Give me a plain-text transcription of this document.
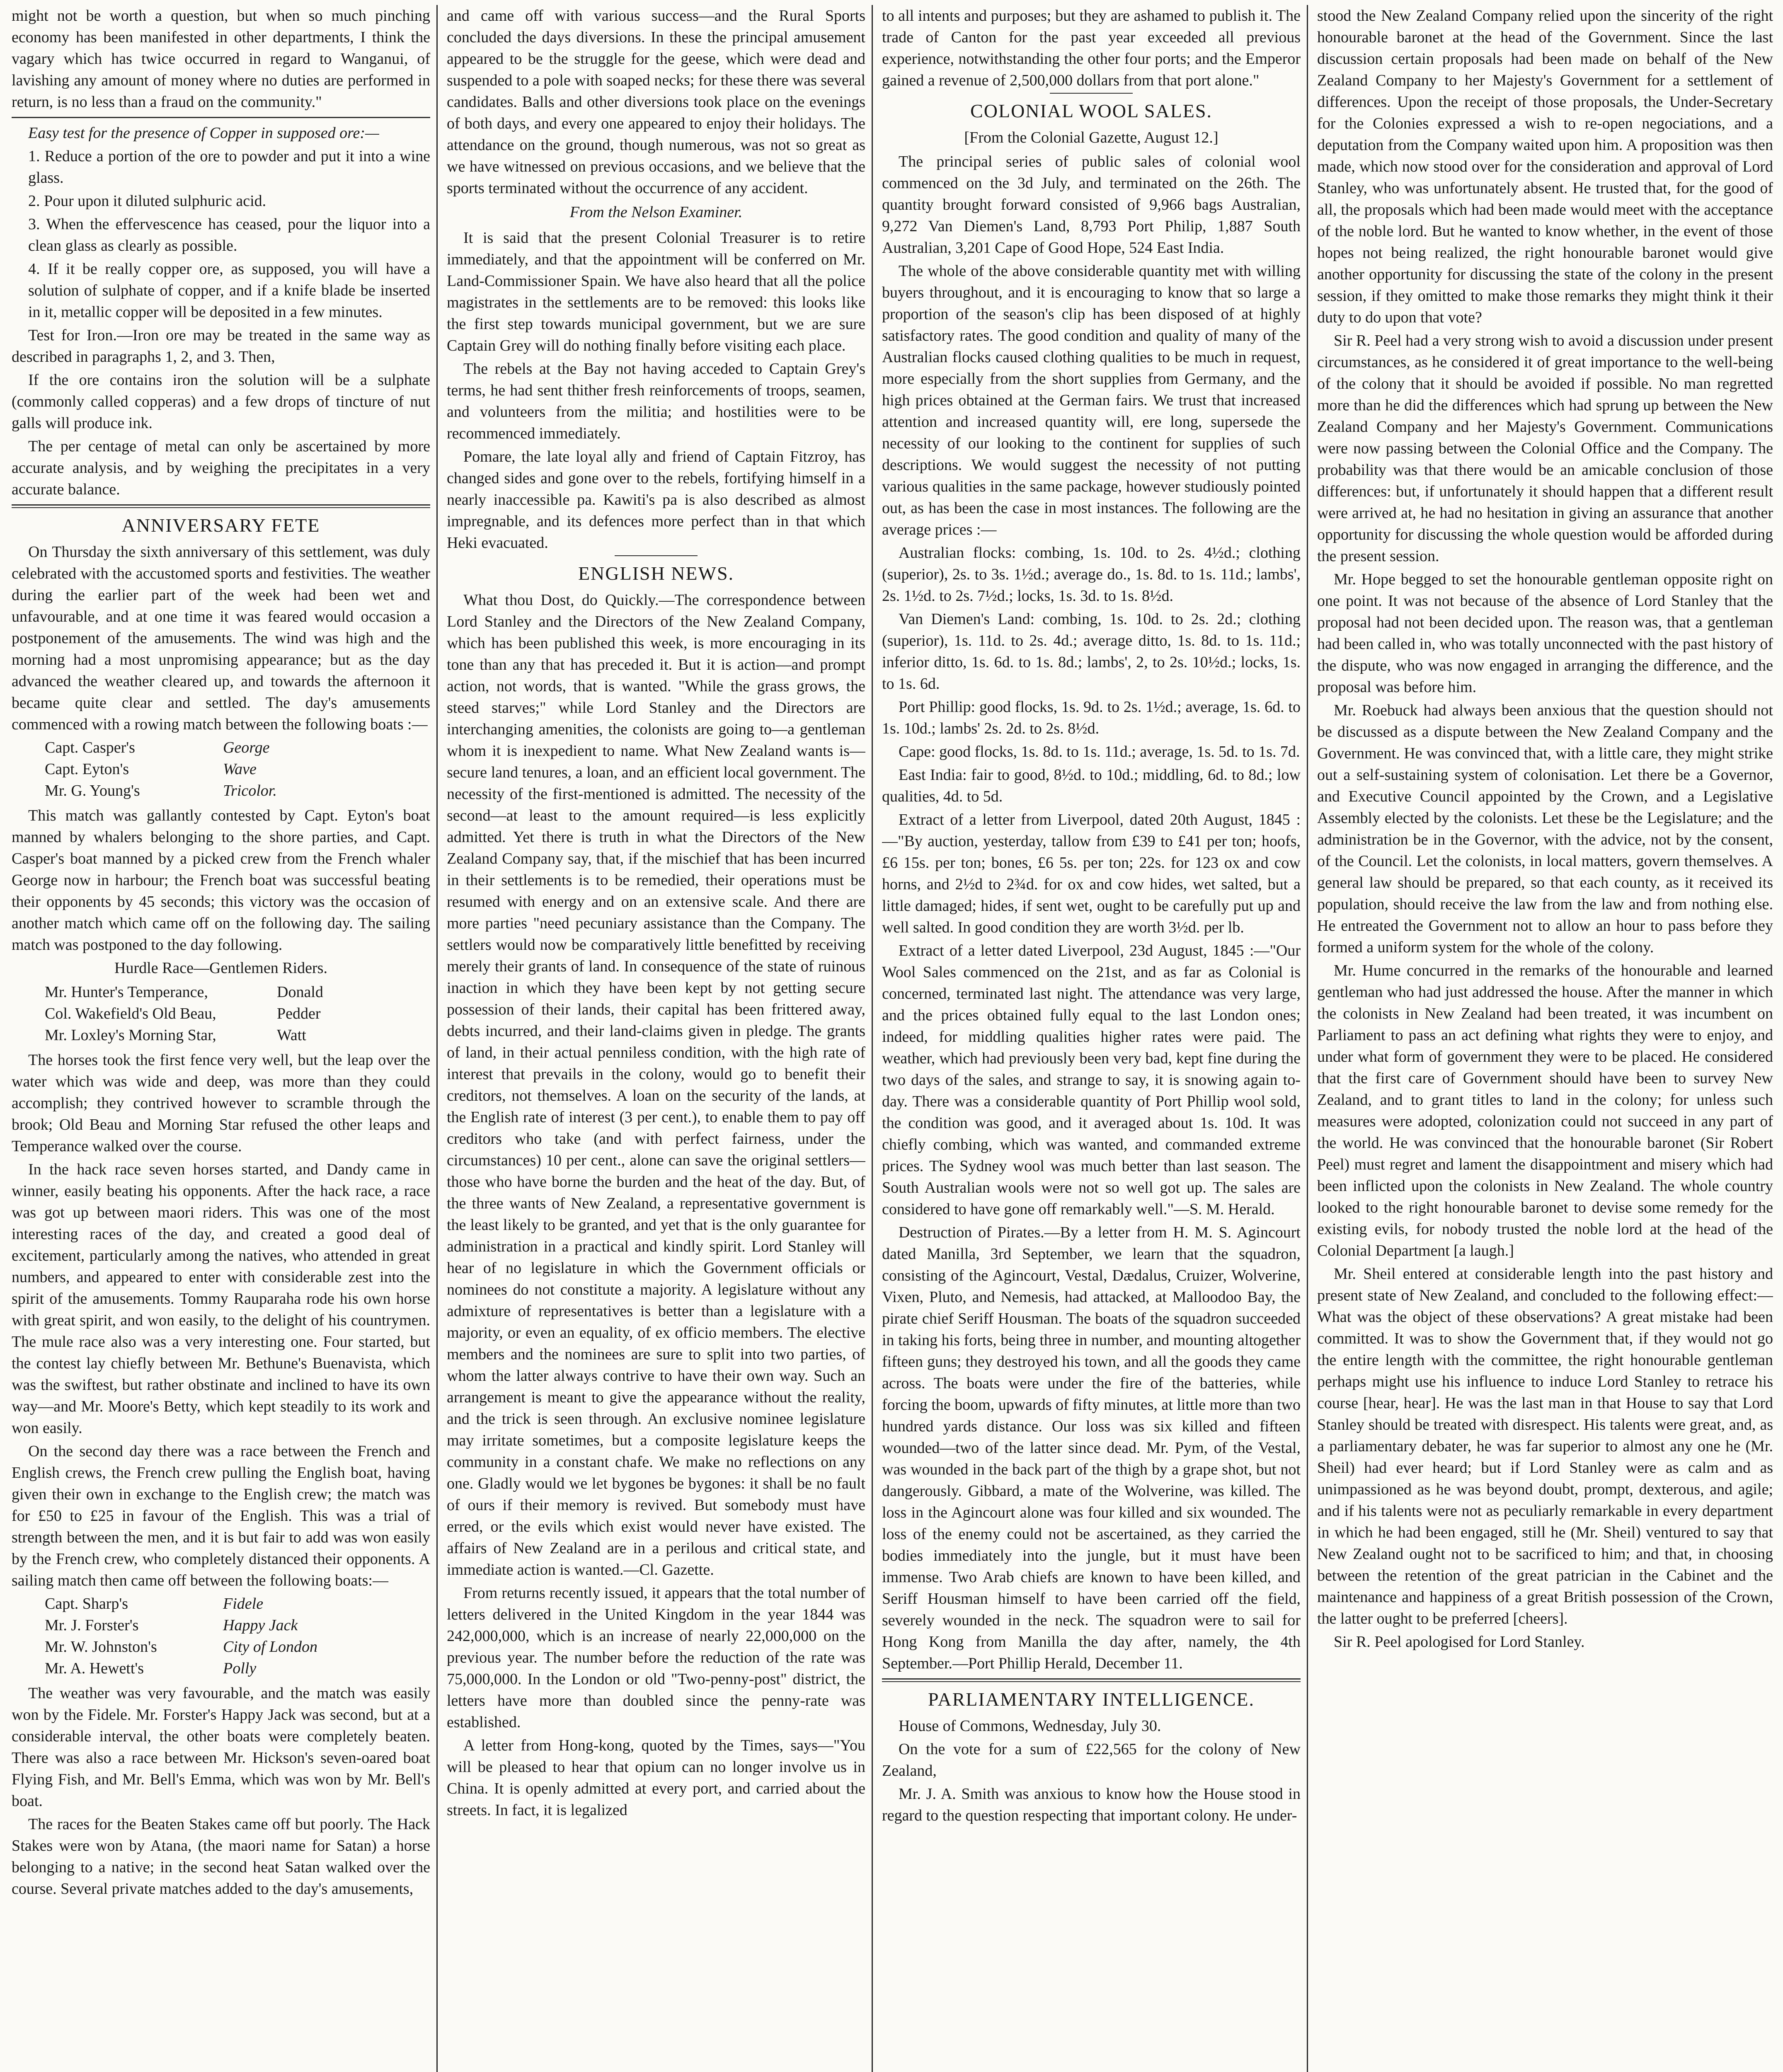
might not be worth a question, but when so much pinching economy has been manifested in other departments, I think the vagary which has twice occurred in regard to Wanganui, of lavishing any amount of money where no duties are performed in return, is no less than a fraud on the community."

Easy test for the presence of Copper in supposed ore:—

1. Reduce a portion of the ore to powder and put it into a wine glass.

2. Pour upon it diluted sulphuric acid.

3. When the effervescence has ceased, pour the liquor into a clean glass as clearly as possible.

4. If it be really copper ore, as supposed, you will have a solution of sulphate of copper, and if a knife blade be inserted in it, metallic copper will be deposited in a few minutes.

Test for Iron.—Iron ore may be treated in the same way as described in paragraphs 1, 2, and 3. Then,

If the ore contains iron the solution will be a sulphate (commonly called copperas) and a few drops of tincture of nut galls will produce ink.

The per centage of metal can only be ascertained by more accurate analysis, and by weighing the precipitates in a very accurate balance.

ANNIVERSARY FETE

On Thursday the sixth anniversary of this settlement, was duly celebrated with the accustomed sports and festivities. The weather during the earlier part of the week had been wet and unfavourable, and at one time it was feared would occasion a postponement of the amusements. The wind was high and the morning had a most unpromising appearance; but as the day advanced the weather cleared up, and towards the afternoon it became quite clear and settled. The day's amusements commenced with a rowing match between the following boats :—

Capt. Casper's	George
Capt. Eyton's	Wave
Mr. G. Young's	Tricolor.

This match was gallantly contested by Capt. Eyton's boat manned by whalers belonging to the shore parties, and Capt. Casper's boat manned by a picked crew from the French whaler George now in harbour; the French boat was successful beating their opponents by 45 seconds; this victory was the occasion of another match which came off on the following day. The sailing match was postponed to the day following.

Hurdle Race—Gentlemen Riders.

Mr. Hunter's Temperance,	Donald
Col. Wakefield's Old Beau,	Pedder
Mr. Loxley's Morning Star,	Watt

The horses took the first fence very well, but the leap over the water which was wide and deep, was more than they could accomplish; they contrived however to scramble through the brook; Old Beau and Morning Star refused the other leaps and Temperance walked over the course.

In the hack race seven horses started, and Dandy came in winner, easily beating his opponents. After the hack race, a race was got up between maori riders. This was one of the most interesting races of the day, and created a good deal of excitement, particularly among the natives, who attended in great numbers, and appeared to enter with considerable zest into the spirit of the amusements. Tommy Rauparaha rode his own horse with great spirit, and won easily, to the delight of his countrymen. The mule race also was a very interesting one. Four started, but the contest lay chiefly between Mr. Bethune's Buenavista, which was the swiftest, but rather obstinate and inclined to have its own way—and Mr. Moore's Betty, which kept steadily to its work and won easily.

On the second day there was a race between the French and English crews, the French crew pulling the English boat, having given their own in exchange to the English crew; the match was for £50 to £25 in favour of the English. This was a trial of strength between the men, and it is but fair to add was won easily by the French crew, who completely distanced their opponents. A sailing match then came off between the following boats:—

Capt. Sharp's	Fidele
Mr. J. Forster's	Happy Jack
Mr. W. Johnston's	City of London
Mr. A. Hewett's	Polly

The weather was very favourable, and the match was easily won by the Fidele. Mr. Forster's Happy Jack was second, but at a considerable interval, the other boats were completely beaten. There was also a race between Mr. Hickson's seven-oared boat Flying Fish, and Mr. Bell's Emma, which was won by Mr. Bell's boat.

The races for the Beaten Stakes came off but poorly. The Hack Stakes were won by Atana, (the maori name for Satan) a horse belonging to a native; in the second heat Satan walked over the course. Several private matches added to the day's amusements,

and came off with various success—and the Rural Sports concluded the days diversions. In these the principal amusement appeared to be the struggle for the geese, which were dead and suspended to a pole with soaped necks; for these there was several candidates. Balls and other diversions took place on the evenings of both days, and every one appeared to enjoy their holidays. The attendance on the ground, though numerous, was not so great as we have witnessed on previous occasions, and we believe that the sports terminated without the occurrence of any accident.

From the Nelson Examiner.

It is said that the present Colonial Treasurer is to retire immediately, and that the appointment will be conferred on Mr. Land-Commissioner Spain. We have also heard that all the police magistrates in the settlements are to be removed: this looks like the first step towards municipal government, but we are sure Captain Grey will do nothing finally before visiting each place.

The rebels at the Bay not having acceded to Captain Grey's terms, he had sent thither fresh reinforcements of troops, seamen, and volunteers from the militia; and hostilities were to be recommenced immediately.

Pomare, the late loyal ally and friend of Captain Fitzroy, has changed sides and gone over to the rebels, fortifying himself in a nearly inaccessible pa. Kawiti's pa is also described as almost impregnable, and its defences more perfect than in that which Heki evacuated.

ENGLISH NEWS.

What thou Dost, do Quickly.—The correspondence between Lord Stanley and the Directors of the New Zealand Company, which has been published this week, is more encouraging in its tone than any that has preceded it. But it is action—and prompt action, not words, that is wanted. "While the grass grows, the steed starves;" while Lord Stanley and the Directors are interchanging amenities, the colonists are going to—a gentleman whom it is inexpedient to name. What New Zealand wants is—secure land tenures, a loan, and an efficient local government. The necessity of the first-mentioned is admitted. The necessity of the second—at least to the amount required—is less explicitly admitted. Yet there is truth in what the Directors of the New Zealand Company say, that, if the mischief that has been incurred in their settlements is to be remedied, their operations must be resumed with energy and on an extensive scale. And there are more parties "need pecuniary assistance than the Company. The settlers would now be comparatively little benefitted by receiving merely their grants of land. In consequence of the state of ruinous inaction in which they have been kept by not getting secure possession of their lands, their capital has been frittered away, debts incurred, and their land-claims given in pledge. The grants of land, in their actual penniless condition, with the high rate of interest that prevails in the colony, would go to benefit their creditors, not themselves. A loan on the security of the lands, at the English rate of interest (3 per cent.), to enable them to pay off creditors who take (and with perfect fairness, under the circumstances) 10 per cent., alone can save the original settlers—those who have borne the burden and the heat of the day. But, of the three wants of New Zealand, a representative government is the least likely to be granted, and yet that is the only guarantee for administration in a practical and kindly spirit. Lord Stanley will hear of no legislature in which the Government officials or nominees do not constitute a majority. A legislature without any admixture of representatives is better than a legislature with a majority, or even an equality, of ex officio members. The elective members and the nominees are sure to split into two parties, of whom the latter always contrive to have their own way. Such an arrangement is meant to give the appearance without the reality, and the trick is seen through. An exclusive nominee legislature may irritate sometimes, but a composite legislature keeps the community in a constant chafe. We make no reflections on any one. Gladly would we let bygones be bygones: it shall be no fault of ours if their memory is revived. But somebody must have erred, or the evils which exist would never have existed. The affairs of New Zealand are in a perilous and critical state, and immediate action is wanted.—Cl. Gazette.

From returns recently issued, it appears that the total number of letters delivered in the United Kingdom in the year 1844 was 242,000,000, which is an increase of nearly 22,000,000 on the previous year. The number before the reduction of the rate was 75,000,000. In the London or old "Two-penny-post" district, the letters have more than doubled since the penny-rate was established.

A letter from Hong-kong, quoted by the Times, says—"You will be pleased to hear that opium can no longer involve us in China. It is openly admitted at every port, and carried about the streets. In fact, it is legalized

to all intents and purposes; but they are ashamed to publish it. The trade of Canton for the past year exceeded all previous experience, notwithstanding the other four ports; and the Emperor gained a revenue of 2,500,000 dollars from that port alone."

COLONIAL WOOL SALES.

[From the Colonial Gazette, August 12.]

The principal series of public sales of colonial wool commenced on the 3d July, and terminated on the 26th. The quantity brought forward consisted of 9,966 bags Australian, 9,272 Van Diemen's Land, 8,793 Port Philip, 1,887 South Australian, 3,201 Cape of Good Hope, 524 East India.

The whole of the above considerable quantity met with willing buyers throughout, and it is encouraging to know that so large a proportion of the season's clip has been disposed of at highly satisfactory rates. The good condition and quality of many of the Australian flocks caused clothing qualities to be much in request, more especially from the short supplies from Germany, and the high prices obtained at the German fairs. We trust that increased attention and increased quantity will, ere long, supersede the necessity of our looking to the continent for supplies of such descriptions. We would suggest the necessity of not putting various qualities in the same package, however studiously pointed out, as has been the case in most instances. The following are the average prices :—

Australian flocks: combing, 1s. 10d. to 2s. 4½d.; clothing (superior), 2s. to 3s. 1½d.; average do., 1s. 8d. to 1s. 11d.; lambs', 2s. 1½d. to 2s. 7½d.; locks, 1s. 3d. to 1s. 8½d.

Van Diemen's Land: combing, 1s. 10d. to 2s. 2d.; clothing (superior), 1s. 11d. to 2s. 4d.; average ditto, 1s. 8d. to 1s. 11d.; inferior ditto, 1s. 6d. to 1s. 8d.; lambs', 2, to 2s. 10½d.; locks, 1s. to 1s. 6d.

Port Phillip: good flocks, 1s. 9d. to 2s. 1½d.; average, 1s. 6d. to 1s. 10d.; lambs' 2s. 2d. to 2s. 8½d.

Cape: good flocks, 1s. 8d. to 1s. 11d.; average, 1s. 5d. to 1s. 7d.

East India: fair to good, 8½d. to 10d.; middling, 6d. to 8d.; low qualities, 4d. to 5d.

Extract of a letter from Liverpool, dated 20th August, 1845 :—"By auction, yesterday, tallow from £39 to £41 per ton; hoofs, £6 15s. per ton; bones, £6 5s. per ton; 22s. for 123 ox and cow horns, and 2½d to 2¾d. for ox and cow hides, wet salted, but a little damaged; hides, if sent wet, ought to be carefully put up and well salted. In good condition they are worth 3½d. per lb.

Extract of a letter dated Liverpool, 23d August, 1845 :—"Our Wool Sales commenced on the 21st, and as far as Colonial is concerned, terminated last night. The attendance was very large, and the prices obtained fully equal to the last London ones; indeed, for middling qualities higher rates were paid. The weather, which had previously been very bad, kept fine during the two days of the sales, and strange to say, it is snowing again to-day. There was a considerable quantity of Port Phillip wool sold, the condition was good, and it averaged about 1s. 10d. It was chiefly combing, which was wanted, and commanded extreme prices. The Sydney wool was much better than last season. The South Australian wools were not so well got up. The sales are considered to have gone off remarkably well."—S. M. Herald.

Destruction of Pirates.—By a letter from H. M. S. Agincourt dated Manilla, 3rd September, we learn that the squadron, consisting of the Agincourt, Vestal, Dædalus, Cruizer, Wolverine, Vixen, Pluto, and Nemesis, had attacked, at Malloodoo Bay, the pirate chief Seriff Housman. The boats of the squadron succeeded in taking his forts, being three in number, and mounting altogether fifteen guns; they destroyed his town, and all the goods they came across. The boats were under the fire of the batteries, while forcing the boom, upwards of fifty minutes, at little more than two hundred yards distance. Our loss was six killed and fifteen wounded—two of the latter since dead. Mr. Pym, of the Vestal, was wounded in the back part of the thigh by a grape shot, but not dangerously. Gibbard, a mate of the Wolverine, was killed. The loss in the Agincourt alone was four killed and six wounded. The loss of the enemy could not be ascertained, as they carried the bodies immediately into the jungle, but it must have been immense. Two Arab chiefs are known to have been killed, and Seriff Housman himself to have been carried off the field, severely wounded in the neck. The squadron were to sail for Hong Kong from Manilla the day after, namely, the 4th September.—Port Phillip Herald, December 11.

PARLIAMENTARY INTELLIGENCE.

House of Commons, Wednesday, July 30.

On the vote for a sum of £22,565 for the colony of New Zealand,

Mr. J. A. Smith was anxious to know how the House stood in regard to the question respecting that important colony. He under-

stood the New Zealand Company relied upon the sincerity of the right honourable baronet at the head of the Government. Since the last discussion certain proposals had been made on behalf of the New Zealand Company to her Majesty's Government for a settlement of differences. Upon the receipt of those proposals, the Under-Secretary for the Colonies expressed a wish to re-open negociations, and a deputation from the Company waited upon him. A proposition was then made, which now stood over for the consideration and approval of Lord Stanley, who was unfortunately absent. He trusted that, for the good of all, the proposals which had been made would meet with the acceptance of the noble lord. But he wanted to know whether, in the event of those hopes not being realized, the right honourable baronet would give another opportunity for discussing the state of the colony in the present session, if they omitted to make those remarks they might think it their duty to do upon that vote?

Sir R. Peel had a very strong wish to avoid a discussion under present circumstances, as he considered it of great importance to the well-being of the colony that it should be avoided if possible. No man regretted more than he did the differences which had sprung up between the New Zealand Company and her Majesty's Government. Communications were now passing between the Colonial Office and the Company. The probability was that there would be an amicable conclusion of those differences: but, if unfortunately it should happen that a different result were arrived at, he had no hesitation in giving an assurance that another opportunity for discussing the whole question would be afforded during the present session.

Mr. Hope begged to set the honourable gentleman opposite right on one point. It was not because of the absence of Lord Stanley that the proposal had not been decided upon. The reason was, that a gentleman had been called in, who was totally unconnected with the past history of the dispute, who was now engaged in arranging the difference, and the proposal was before him.

Mr. Roebuck had always been anxious that the question should not be discussed as a dispute between the New Zealand Company and the Government. He was convinced that, with a little care, they might strike out a self-sustaining system of colonisation. Let there be a Governor, and Executive Council appointed by the Crown, and a Legislative Assembly elected by the colonists. Let these be the Legislature; and the administration be in the Governor, with the advice, not by the consent, of the Council. Let the colonists, in local matters, govern themselves. A general law should be prepared, so that each county, as it received its population, should receive the law from the law and from nothing else. He entreated the Government not to allow an hour to pass before they formed a uniform system for the whole of the colony.

Mr. Hume concurred in the remarks of the honourable and learned gentleman who had just addressed the house. After the manner in which the colonists in New Zealand had been treated, it was incumbent on Parliament to pass an act defining what rights they were to enjoy, and under what form of government they were to be placed. He considered that the first care of Government should have been to survey New Zealand, and to grant titles to land in the colony; for unless such measures were adopted, colonization could not succeed in any part of the world. He was convinced that the honourable baronet (Sir Robert Peel) must regret and lament the disappointment and misery which had been inflicted upon the colonists in New Zealand. The whole country looked to the right honourable baronet to devise some remedy for the existing evils, for nobody trusted the noble lord at the head of the Colonial Department [a laugh.]

Mr. Sheil entered at considerable length into the past history and present state of New Zealand, and concluded to the following effect:—What was the object of these observations? A great mistake had been committed. It was to show the Government that, if they would not go the entire length with the committee, the right honourable gentleman perhaps might use his influence to induce Lord Stanley to retrace his course [hear, hear]. He was the last man in that House to say that Lord Stanley should be treated with disrespect. His talents were great, and, as a parliamentary debater, he was far superior to almost any one he (Mr. Sheil) had ever heard; but if Lord Stanley were as calm and as unimpassioned as he was beyond doubt, prompt, dexterous, and agile; and if his talents were not as peculiarly remarkable in every department in which he had been engaged, still he (Mr. Sheil) ventured to say that New Zealand ought not to be sacrificed to him; and that, in choosing between the retention of the great patrician in the Cabinet and the maintenance and happiness of a great British possession of the Crown, the latter ought to be preferred [cheers].

Sir R. Peel apologised for Lord Stanley.
